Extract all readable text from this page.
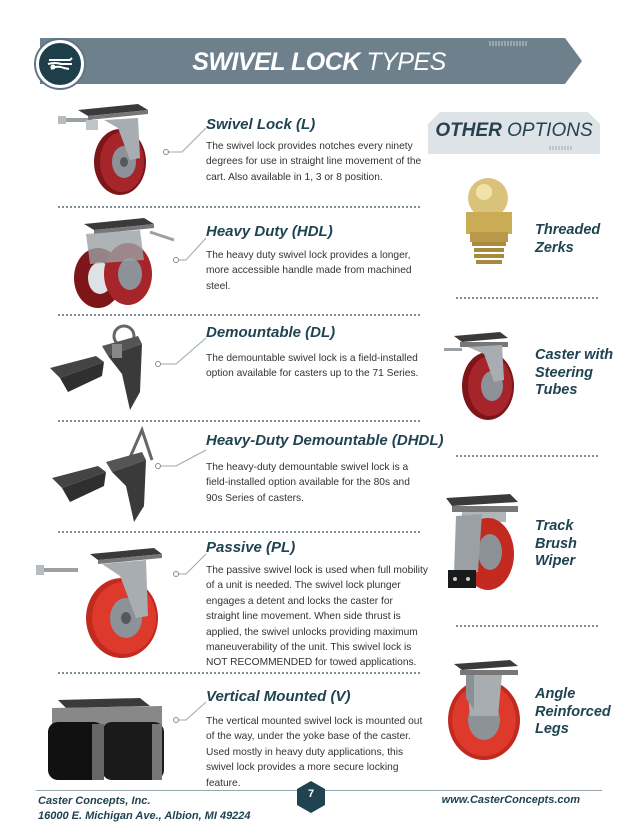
SWIVEL LOCK TYPES
OTHER OPTIONS
Swivel Lock (L)
The swivel lock provides notches every ninety degrees for use in straight line movement of the cart. Also available in 1, 3 or 8 position.
Heavy Duty (HDL)
The heavy duty swivel lock provides a longer, more accessible handle made from machined steel.
Demountable (DL)
The demountable swivel lock is a field-installed option available for casters up to the 71 Series.
Heavy-Duty Demountable (DHDL)
The heavy-duty demountable swivel lock is a field-installed option available for the 80s and 90s Series of casters.
Passive (PL)
The passive swivel lock is used when full mobility of a unit is needed. The swivel lock plunger engages a detent and locks the caster for straight line movement. When side thrust is applied, the swivel unlocks providing maximum maneuverability of the unit. This swivel lock is NOT RECOMMENDED for towed applications.
Vertical Mounted (V)
The vertical mounted swivel lock is mounted out of the way, under the yoke base of the caster. Used mostly in heavy duty applications, this swivel lock provides a more secure locking feature.
Threaded
Zerks
Caster with
Steering
Tubes
Track
Brush
Wiper
Angle
Reinforced
Legs
Caster Concepts, Inc.
16000 E. Michigan Ave., Albion, MI 49224
7	www.CasterConcepts.com
